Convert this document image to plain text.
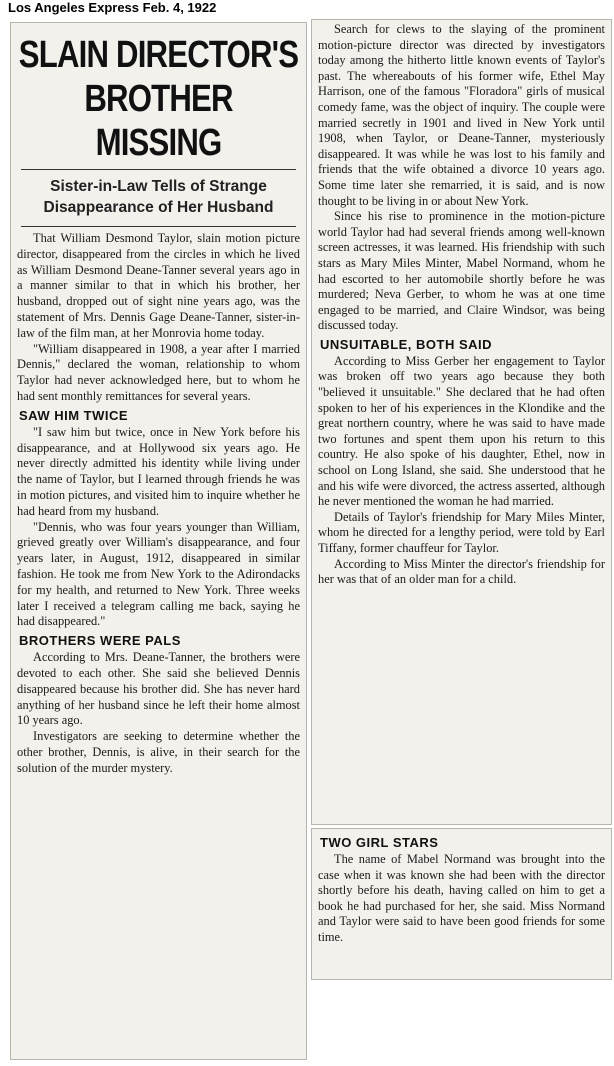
Los Angeles Express Feb. 4, 1922
SLAIN DIRECTOR'S
BROTHER MISSING
Sister-in-Law Tells of Strange Disappearance of Her Husband

That William Desmond Taylor, slain motion picture director, disappeared from the circles in which he lived as William Desmond Deane-Tanner several years ago in a manner similar to that in which his brother, her husband, dropped out of sight nine years ago, was the statement of Mrs. Dennis Gage Deane-Tanner, sister-in-law of the film man, at her Monrovia home today.

"William disappeared in 1908, a year after I married Dennis," declared the woman, relationship to whom Taylor had never acknowledged here, but to whom he had sent monthly remittances for several years.

SAW HIM TWICE

"I saw him but twice, once in New York before his disappearance, and at Hollywood six years ago. He never directly admitted his identity while living under the name of Taylor, but I learned through friends he was in motion pictures, and visited him to inquire whether he had heard from my husband.

"Dennis, who was four years younger than William, grieved greatly over William's disappearance, and four years later, in August, 1912, disappeared in similar fashion. He took me from New York to the Adirondacks for my health, and returned to New York. Three weeks later I received a telegram calling me back, saying he had disappeared."

BROTHERS WERE PALS

According to Mrs. Deane-Tanner, the brothers were devoted to each other. She said she believed Dennis disappeared because his brother did. She has never hard anything of her husband since he left their home almost 10 years ago.

Investigators are seeking to determine whether the other brother, Dennis, is alive, in their search for the solution of the murder mystery.

Search for clews to the slaying of the prominent motion-picture director was directed by investigators today among the hitherto little known events of Taylor's past. The whereabouts of his former wife, Ethel May Harrison, one of the famous "Floradora" girls of musical comedy fame, was the object of inquiry. The couple were married secretly in 1901 and lived in New York until 1908, when Taylor, or Deane-Tanner, mysteriously disappeared. It was while he was lost to his family and friends that the wife obtained a divorce 10 years ago. Some time later she remarried, it is said, and is now thought to be living in or about New York.

Since his rise to prominence in the motion-picture world Taylor had had several friends among well-known screen actresses, it was learned. His friendship with such stars as Mary Miles Minter, Mabel Normand, whom he had escorted to her automobile shortly before he was murdered; Neva Gerber, to whom he was at one time engaged to be married, and Claire Windsor, was being discussed today.

UNSUITABLE, BOTH SAID

According to Miss Gerber her engagement to Taylor was broken off two years ago because they both "believed it unsuitable." She declared that he had often spoken to her of his experiences in the Klondike and the great northern country, where he was said to have made two fortunes and spent them upon his return to this country. He also spoke of his daughter, Ethel, now in school on Long Island, she said. She understood that he and his wife were divorced, the actress asserted, although he never mentioned the woman he had married.

Details of Taylor's friendship for Mary Miles Minter, whom he directed for a lengthy period, were told by Earl Tiffany, former chauffeur for Taylor.

According to Miss Minter the director's friendship for her was that of an older man for a child.

TWO GIRL STARS

The name of Mabel Normand was brought into the case when it was known she had been with the director shortly before his death, having called on him to get a book he had purchased for her, she said. Miss Normand and Taylor were said to have been good friends for some time.
